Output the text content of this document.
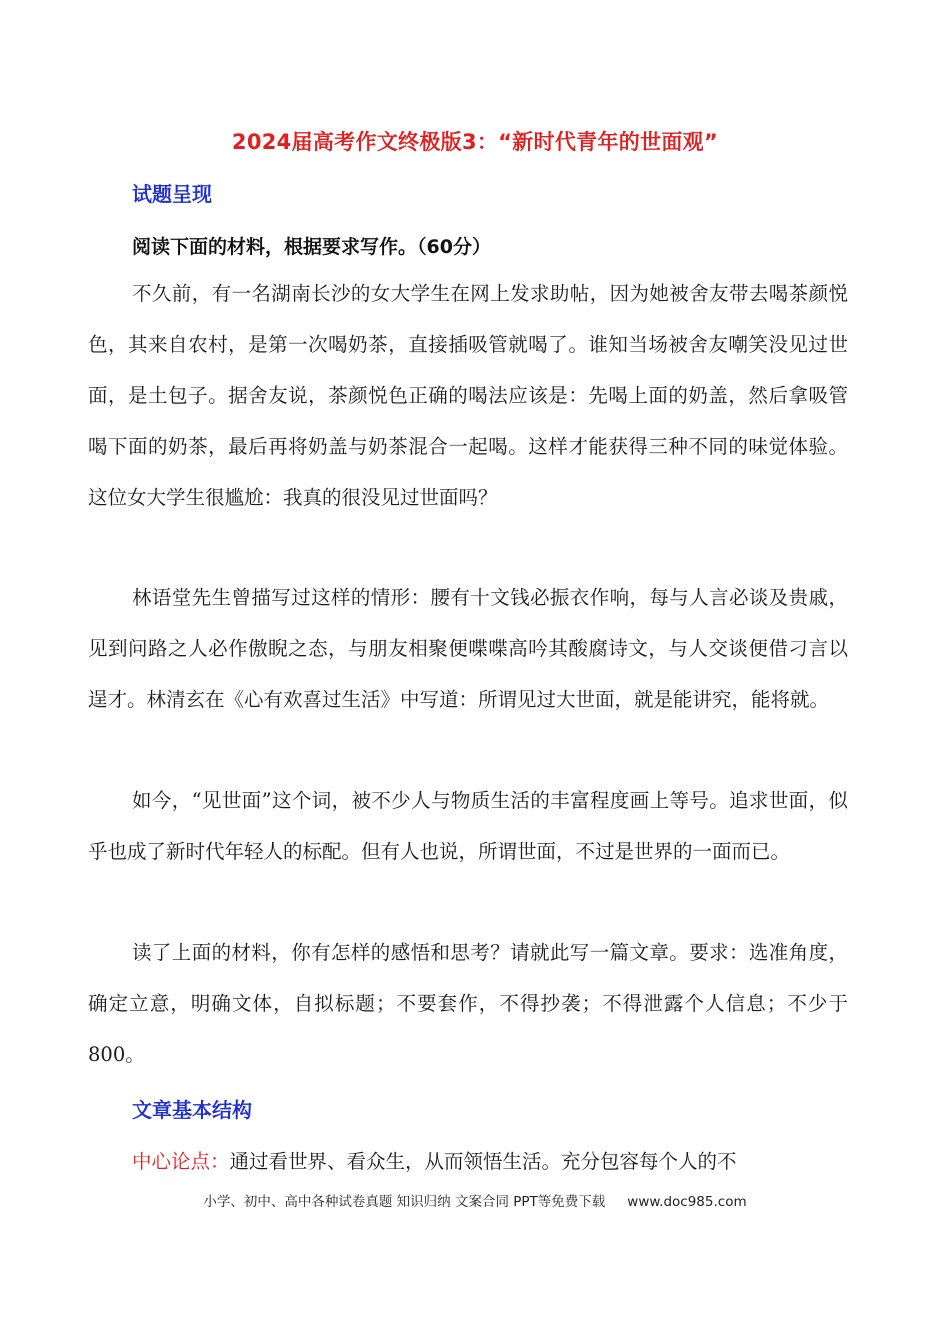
2024届高考作文终极版3：“新时代青年的世面观”
试题呈现
阅读下面的材料，根据要求写作。（60分）
不久前，有一名湖南长沙的女大学生在网上发求助帖，因为她被舍友带去喝茶颜悦色，其来自农村，是第一次喝奶茶，直接插吸管就喝了。谁知当场被舍友嘲笑没见过世面，是土包子。据舍友说，茶颜悦色正确的喝法应该是：先喝上面的奶盖，然后拿吸管喝下面的奶茶，最后再将奶盖与奶茶混合一起喝。这样才能获得三种不同的味觉体验。这位女大学生很尴尬：我真的很没见过世面吗？
林语堂先生曾描写过这样的情形：腰有十文钱必振衣作响，每与人言必谈及贵戚，见到问路之人必作傲睨之态，与朋友相聚便喋喋高吟其酸腐诗文，与人交谈便借刁言以逞才。林清玄在《心有欢喜过生活》中写道：所谓见过大世面，就是能讲究，能将就。
如今，“见世面”这个词，被不少人与物质生活的丰富程度画上等号。追求世面，似乎也成了新时代年轻人的标配。但有人也说，所谓世面，不过是世界的一面而已。
读了上面的材料，你有怎样的感悟和思考？请就此写一篇文章。要求：选准角度，确定立意，明确文体，自拟标题；不要套作，不得抄袭；不得泄露个人信息；不少于800。
文章基本结构
中心论点：通过看世界、看众生，从而领悟生活。充分包容每个人的不
小学、初中、高中各种试卷真题 知识归纳 文案合同 PPT等免费下载 www.doc985.com
